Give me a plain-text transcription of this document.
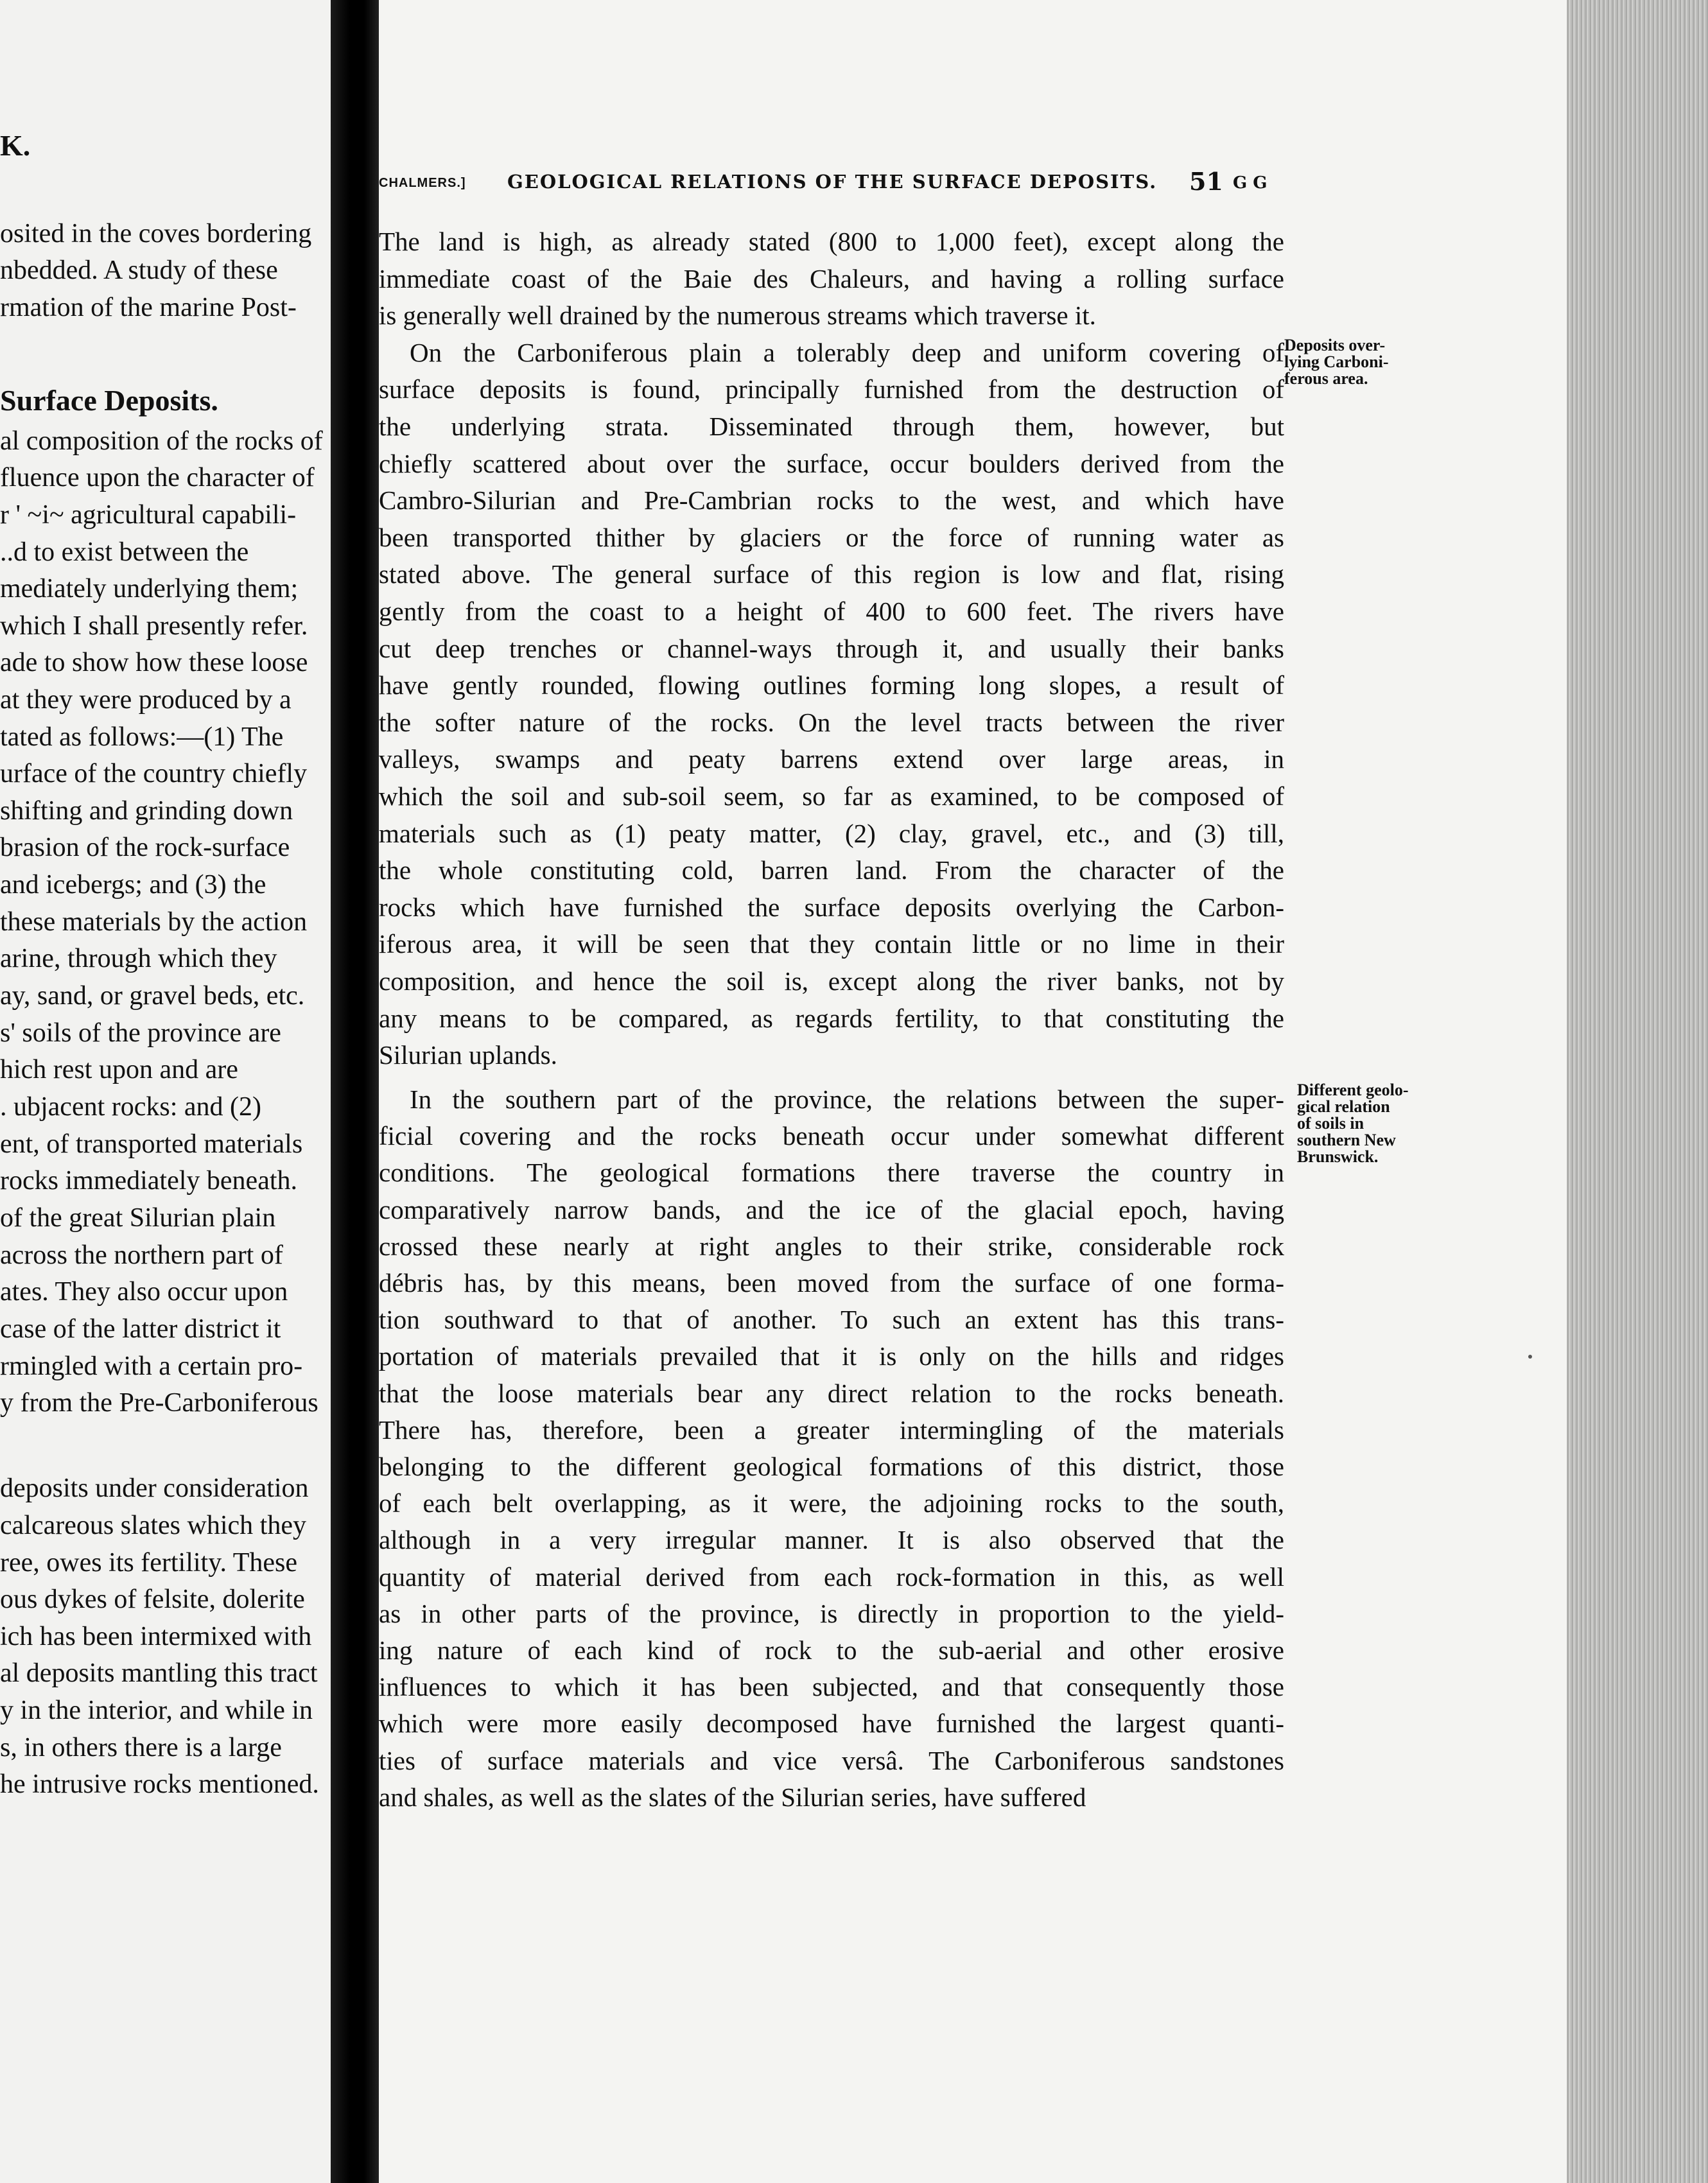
K.
osited in the coves bordering
nbedded. A study of these
rmation of the marine Post-
Surface Deposits.
al composition of the rocks of
fluence upon the character of
r ' ~i~ agricultural capabili-
..d to exist between the
mediately underlying them;
which I shall presently refer.
ade to show how these loose
at they were produced by a
tated as follows:—(1) The
urface of the country chiefly
shifting and grinding down
brasion of the rock-surface
and icebergs; and (3) the
these materials by the action
arine, through which they
ay, sand, or gravel beds, etc.
s' soils of the province are
hich rest upon and are
. ubjacent rocks: and (2)
ent, of transported materials
rocks immediately beneath.
of the great Silurian plain
across the northern part of
ates. They also occur upon
case of the latter district it
rmingled with a certain pro-
y from the Pre-Carboniferous
deposits under consideration
calcareous slates which they
ree, owes its fertility. These
ous dykes of felsite, dolerite
ich has been intermixed with
al deposits mantling this tract
y in the interior, and while in
s, in others there is a large
he intrusive rocks mentioned.
CHALMERS.] GEOLOGICAL RELATIONS OF THE SURFACE DEPOSITS. 51 G G
The land is high, as already stated (800 to 1,000 feet), except along the
immediate coast of the Baie des Chaleurs, and having a rolling surface
is generally well drained by the numerous streams which traverse it.
On the Carboniferous plain a tolerably deep and uniform covering of
surface deposits is found, principally furnished from the destruction of
the underlying strata. Disseminated through them, however, but
chiefly scattered about over the surface, occur boulders derived from the
Cambro-Silurian and Pre-Cambrian rocks to the west, and which have
been transported thither by glaciers or the force of running water as
stated above. The general surface of this region is low and flat, rising
gently from the coast to a height of 400 to 600 feet. The rivers have
cut deep trenches or channel-ways through it, and usually their banks
have gently rounded, flowing outlines forming long slopes, a result of
the softer nature of the rocks. On the level tracts between the river
valleys, swamps and peaty barrens extend over large areas, in
which the soil and sub-soil seem, so far as examined, to be composed of
materials such as (1) peaty matter, (2) clay, gravel, etc., and (3) till,
the whole constituting cold, barren land. From the character of the
rocks which have furnished the surface deposits overlying the Carbon-
iferous area, it will be seen that they contain little or no lime in their
composition, and hence the soil is, except along the river banks, not by
any means to be compared, as regards fertility, to that constituting the
Silurian uplands.
In the southern part of the province, the relations between the super-
ficial covering and the rocks beneath occur under somewhat different
conditions. The geological formations there traverse the country in
comparatively narrow bands, and the ice of the glacial epoch, having
crossed these nearly at right angles to their strike, considerable rock
débris has, by this means, been moved from the surface of one forma-
tion southward to that of another. To such an extent has this trans-
portation of materials prevailed that it is only on the hills and ridges
that the loose materials bear any direct relation to the rocks beneath.
There has, therefore, been a greater intermingling of the materials
belonging to the different geological formations of this district, those
of each belt overlapping, as it were, the adjoining rocks to the south,
although in a very irregular manner. It is also observed that the
quantity of material derived from each rock-formation in this, as well
as in other parts of the province, is directly in proportion to the yield-
ing nature of each kind of rock to the sub-aerial and other erosive
influences to which it has been subjected, and that consequently those
which were more easily decomposed have furnished the largest quanti-
ties of surface materials and vice versâ. The Carboniferous sandstones
and shales, as well as the slates of the Silurian series, have suffered
Deposits over-
lying Carboni-
ferous area.
Different geolo-
gical relation
of soils in
southern New
Brunswick.
